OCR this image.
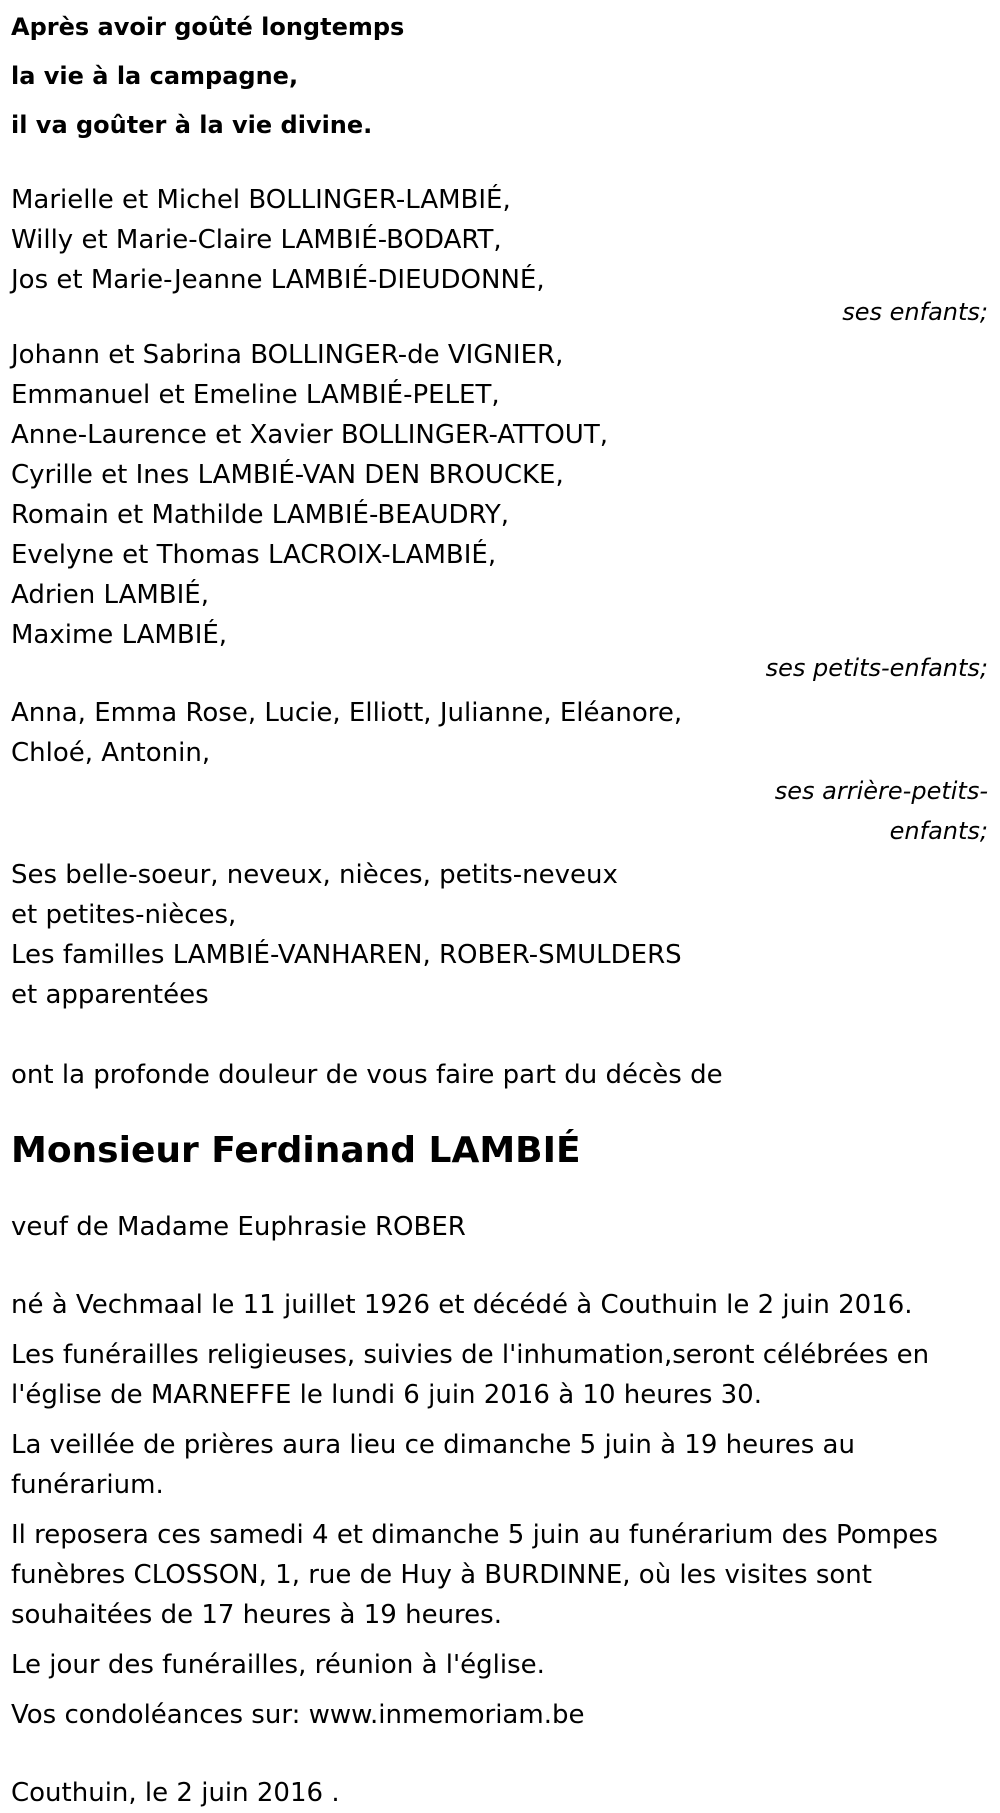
Après avoir goûté longtemps
la vie à la campagne,
il va goûter à la vie divine.
Marielle et Michel BOLLINGER-LAMBIÉ,
Willy et Marie-Claire LAMBIÉ-BODART,
Jos et Marie-Jeanne LAMBIÉ-DIEUDONNÉ,
ses enfants;
Johann et Sabrina BOLLINGER-de VIGNIER,
Emmanuel et Emeline LAMBIÉ-PELET,
Anne-Laurence et Xavier BOLLINGER-ATTOUT,
Cyrille et Ines LAMBIÉ-VAN DEN BROUCKE,
Romain et Mathilde LAMBIÉ-BEAUDRY,
Evelyne et Thomas LACROIX-LAMBIÉ,
Adrien LAMBIÉ,
Maxime LAMBIÉ,
ses petits-enfants;
Anna, Emma Rose, Lucie, Elliott, Julianne, Eléanore,
Chloé, Antonin,
ses arrière-petits-
enfants;
Ses belle-soeur, neveux, nièces, petits-neveux
et petites-nièces,
Les familles LAMBIÉ-VANHAREN, ROBER-SMULDERS
et apparentées
ont la profonde douleur de vous faire part du décès de
Monsieur Ferdinand LAMBIÉ
veuf de Madame Euphrasie ROBER
né à Vechmaal le 11 juillet 1926 et décédé à Couthuin le 2 juin 2016.
Les funérailles religieuses, suivies de l'inhumation,seront célébrées en l'église de MARNEFFE le lundi 6 juin 2016 à 10 heures 30.
La veillée de prières aura lieu ce dimanche 5 juin à 19 heures au funérarium.
Il reposera ces samedi 4 et dimanche 5 juin au funérarium des Pompes funèbres CLOSSON, 1, rue de Huy à BURDINNE, où les visites sont souhaitées de 17 heures à 19 heures.
Le jour des funérailles, réunion à l'église.
Vos condoléances sur: www.inmemoriam.be
Couthuin, le 2 juin 2016 .
